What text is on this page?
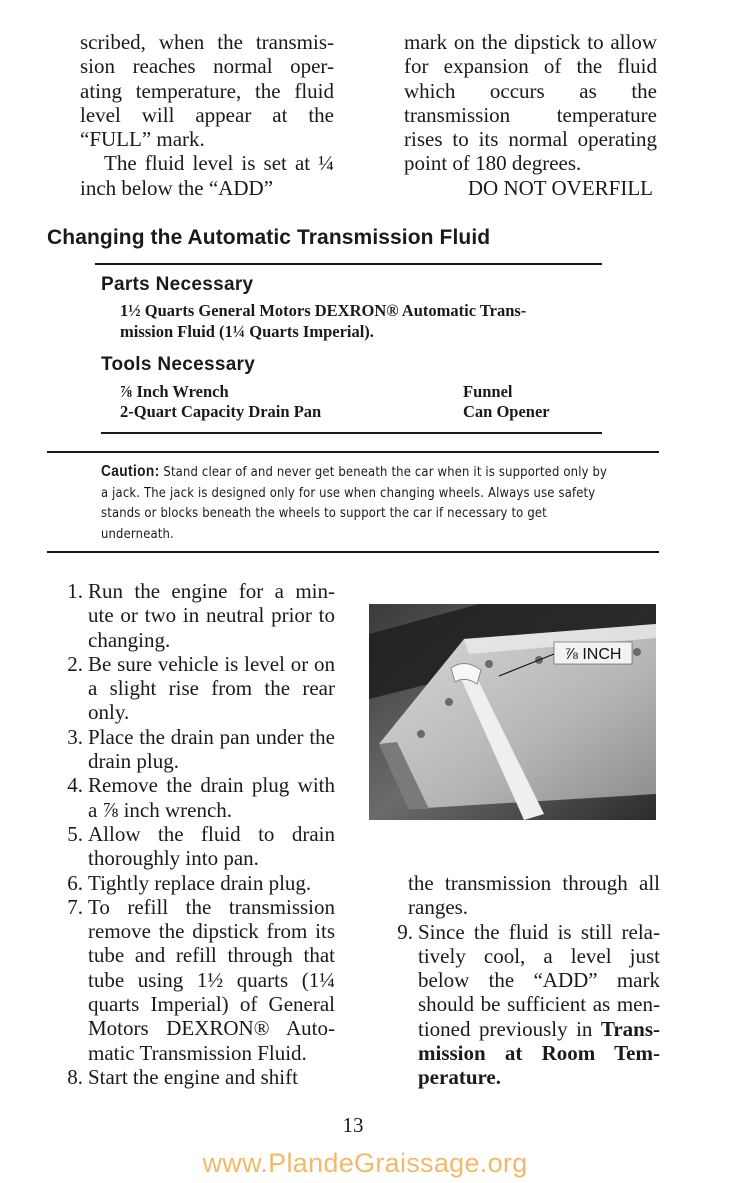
scribed, when the transmis- sion reaches normal oper- ating temperature, the fluid level will appear at the “FULL” mark.

The fluid level is set at ¼ inch below the “ADD”

mark on the dipstick to allow for expansion of the fluid which occurs as the transmission temperature rises to its normal operating point of 180 degrees.

DO NOT OVERFILL

Changing the Automatic Transmission Fluid
Parts Necessary

1½ Quarts General Motors DEXRON® Automatic Trans-

mission Fluid (1¼ Quarts Imperial).

Tools Necessary
⅞ Inch Wrench
2-Quart Capacity Drain Pan
Funnel
Can Opener
Caution: Stand clear of and never get beneath the car when it is supported only by a jack. The jack is designed only for use when changing wheels. Always use safety stands or blocks beneath the wheels to support the car if necessary to get underneath.
1. Run the engine for a min- ute or two in neutral prior to changing.
2. Be sure vehicle is level or on a slight rise from the rear only.
3. Place the drain pan under the drain plug.
4. Remove the drain plug with a ⅞ inch wrench.
5. Allow the fluid to drain thoroughly into pan.
6. Tightly replace drain plug.
7. To refill the transmission remove the dipstick from its tube and refill through that tube using 1½ quarts (1¼ quarts Imperial) of General Motors DEXRON® Auto- matic Transmission Fluid.
8. Start the engine and shift
⅞ INCH
the transmission through all ranges.
9. Since the fluid is still rela- tively cool, a level just below the “ADD” mark should be sufficient as men- tioned previously in Trans- mission at Room Tem- perature.
13
www.PlandeGraissage.org
